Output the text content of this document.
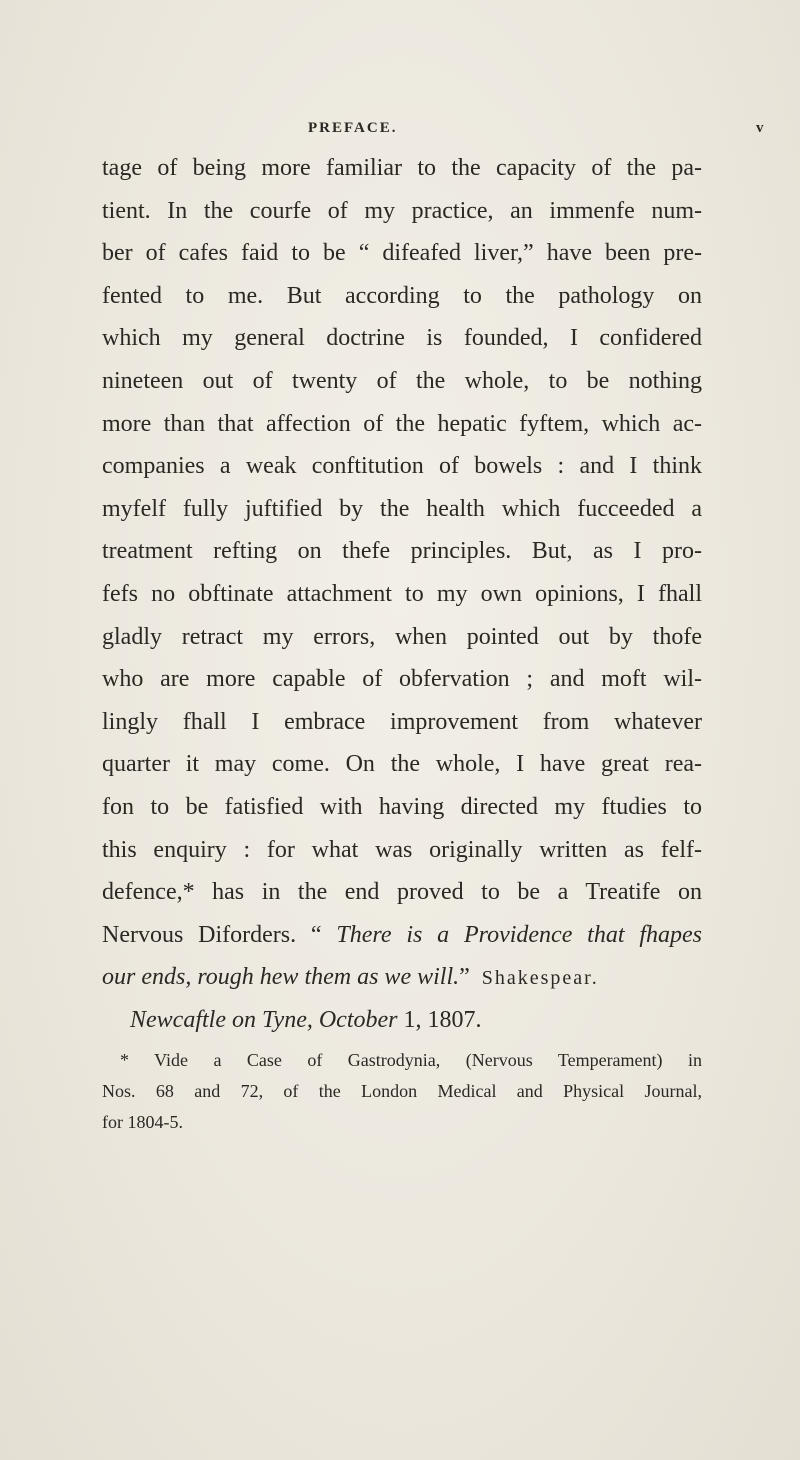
PREFACE.	v
tage of being more familiar to the capacity of the pa-
tient. In the courfe of my practice, an immenfe num-
ber of cafes faid to be “ difeafed liver,” have been pre-
fented to me. But according to the pathology on
which my general doctrine is founded, I confidered
nineteen out of twenty of the whole, to be nothing
more than that affection of the hepatic fyftem, which ac-
companies a weak conftitution of bowels : and I think
myfelf fully juftified by the health which fucceeded a
treatment refting on thefe principles. But, as I pro-
fefs no obftinate attachment to my own opinions, I fhall
gladly retract my errors, when pointed out by thofe
who are more capable of obfervation ; and moft wil-
lingly fhall I embrace improvement from whatever
quarter it may come. On the whole, I have great rea-
fon to be fatisfied with having directed my ftudies to
this enquiry : for what was originally written as felf-
defence,* has in the end proved to be a Treatife on
Nervous Diforders. “ There is a Providence that fhapes
our ends, rough hew them as we will.” Shakespear.
Newcaftle on Tyne, October 1, 1807.
* Vide a Case of Gastrodynia, (Nervous Temperament) in
Nos. 68 and 72, of the London Medical and Physical Journal,
for 1804-5.
